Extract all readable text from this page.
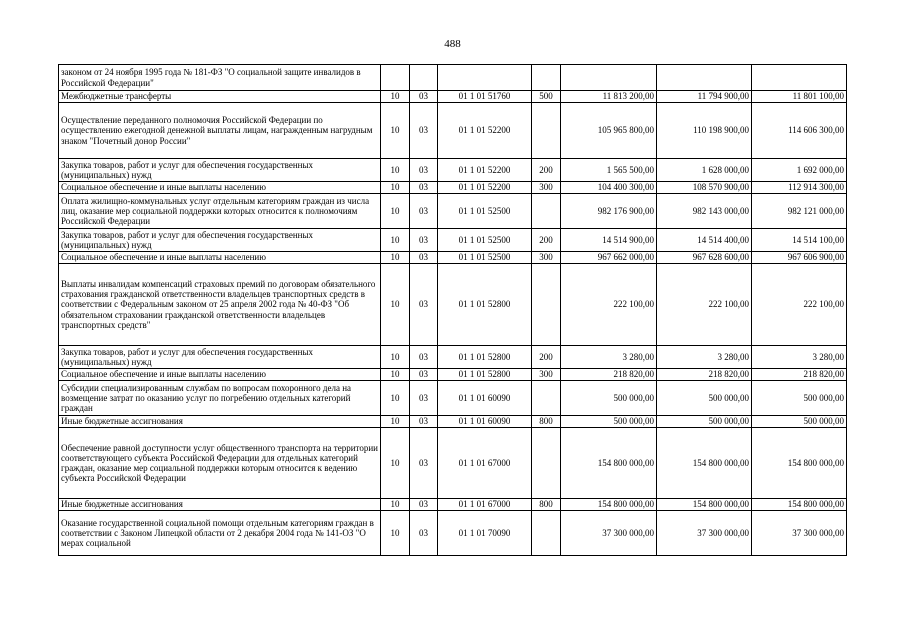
488
законом от 24 ноября 1995 года № 181-ФЗ "О социальной защите инвалидов в Российской Федерации"							
Межбюджетные трансферты	10	03	01 1 01 51760	500	11 813 200,00	11 794 900,00	11 801 100,00
Осуществление переданного полномочия Российской Федерации по осуществлению ежегодной денежной выплаты лицам, награжденным нагрудным знаком "Почетный донор России"	10	03	01 1 01 52200		105 965 800,00	110 198 900,00	114 606 300,00
Закупка товаров, работ и услуг для обеспечения государственных (муниципальных) нужд	10	03	01 1 01 52200	200	1 565 500,00	1 628 000,00	1 692 000,00
Социальное обеспечение и иные выплаты населению	10	03	01 1 01 52200	300	104 400 300,00	108 570 900,00	112 914 300,00
Оплата жилищно-коммунальных услуг отдельным категориям граждан из числа лиц, оказание мер социальной поддержки которых относится к полномочиям Российской Федерации	10	03	01 1 01 52500		982 176 900,00	982 143 000,00	982 121 000,00
Закупка товаров, работ и услуг для обеспечения государственных (муниципальных) нужд	10	03	01 1 01 52500	200	14 514 900,00	14 514 400,00	14 514 100,00
Социальное обеспечение и иные выплаты населению	10	03	01 1 01 52500	300	967 662 000,00	967 628 600,00	967 606 900,00
Выплаты инвалидам компенсаций страховых премий по договорам обязательного страхования гражданской ответственности владельцев транспортных средств в соответствии с Федеральным законом от 25 апреля 2002 года № 40-ФЗ "Об обязательном страховании гражданской ответственности владельцев транспортных средств"	10	03	01 1 01 52800		222 100,00	222 100,00	222 100,00
Закупка товаров, работ и услуг для обеспечения государственных (муниципальных) нужд	10	03	01 1 01 52800	200	3 280,00	3 280,00	3 280,00
Социальное обеспечение и иные выплаты населению	10	03	01 1 01 52800	300	218 820,00	218 820,00	218 820,00
Субсидии специализированным службам по вопросам похоронного дела на возмещение затрат по оказанию услуг по погребению отдельных категорий граждан	10	03	01 1 01 60090		500 000,00	500 000,00	500 000,00
Иные бюджетные ассигнования	10	03	01 1 01 60090	800	500 000,00	500 000,00	500 000,00
Обеспечение равной доступности услуг общественного транспорта на территории соответствующего субъекта Российской Федерации для отдельных категорий граждан, оказание мер социальной поддержки которым относится к ведению субъекта Российской Федерации	10	03	01 1 01 67000		154 800 000,00	154 800 000,00	154 800 000,00
Иные бюджетные ассигнования	10	03	01 1 01 67000	800	154 800 000,00	154 800 000,00	154 800 000,00
Оказание государственной социальной помощи отдельным категориям граждан в соответствии с Законом Липецкой области от 2 декабря 2004 года № 141-ОЗ "О мерах социальной	10	03	01 1 01 70090		37 300 000,00	37 300 000,00	37 300 000,00
